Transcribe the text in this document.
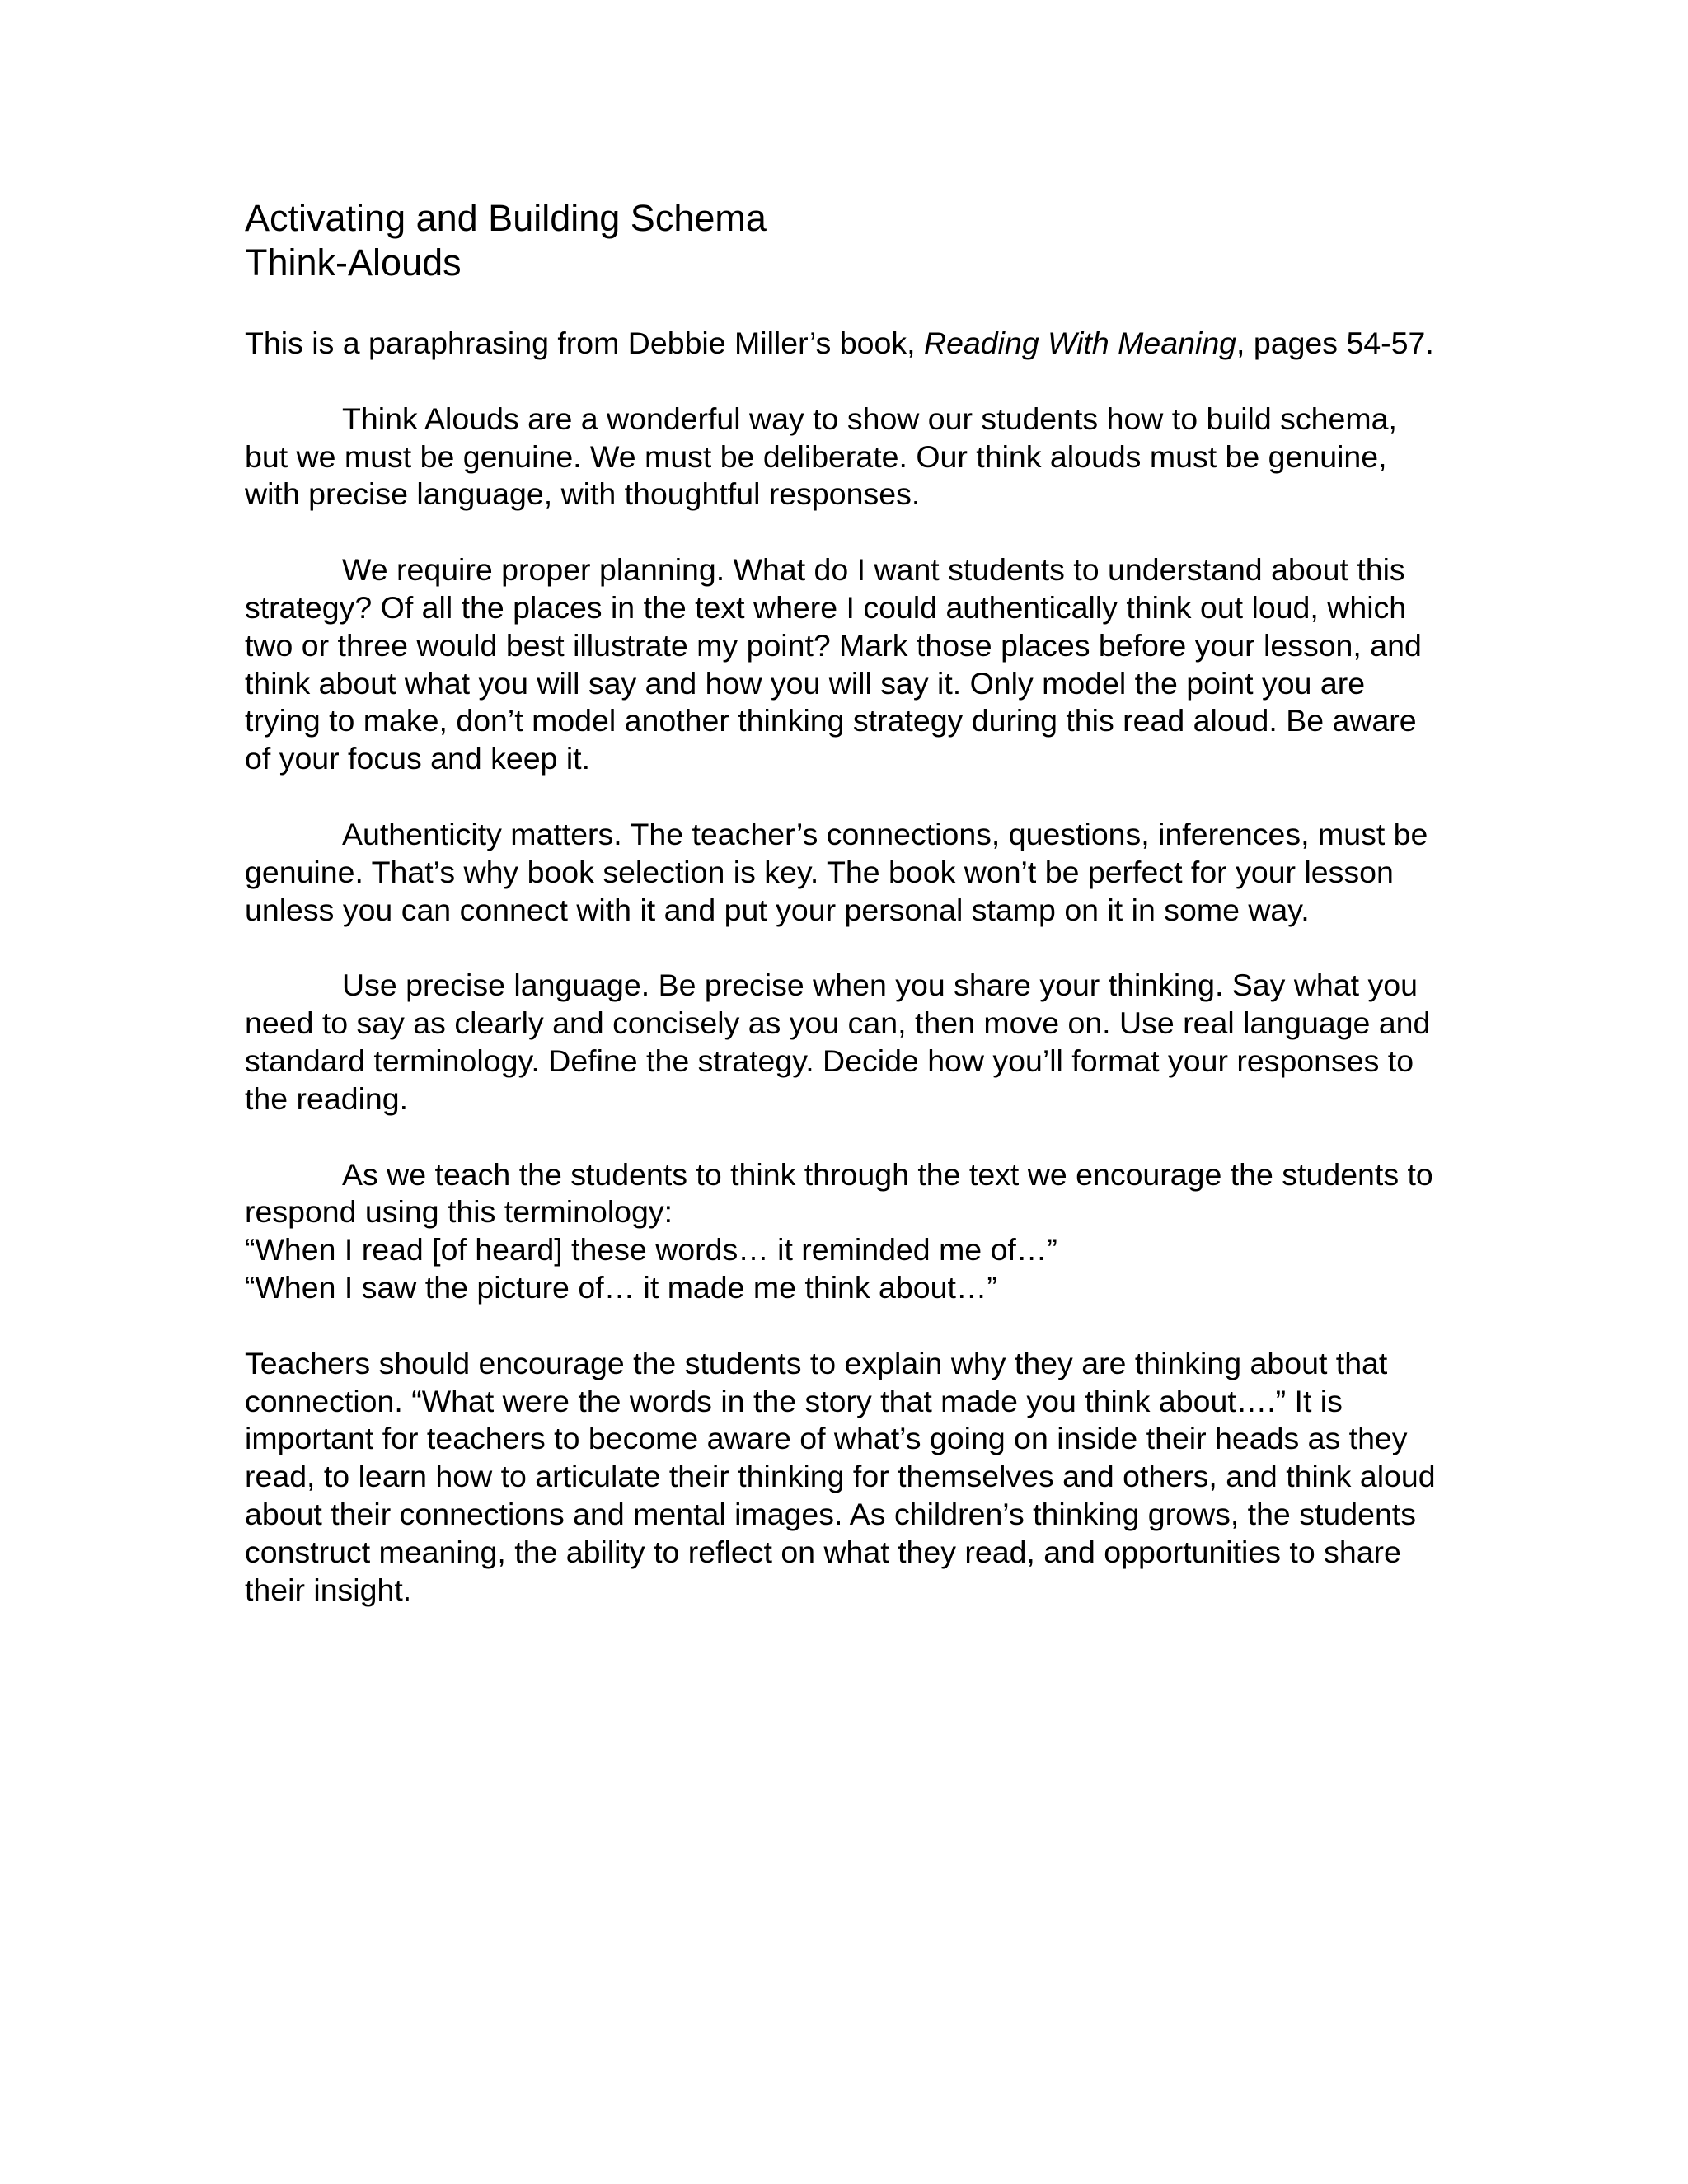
Activating and Building Schema
Think-Alouds

This is a paraphrasing from Debbie Miller’s book, Reading With Meaning, pages 54-57.

Think Alouds are a wonderful way to show our students how to build schema, but we must be genuine. We must be deliberate. Our think alouds must be genuine, with precise language, with thoughtful responses.

We require proper planning. What do I want students to understand about this strategy? Of all the places in the text where I could authentically think out loud, which two or three would best illustrate my point? Mark those places before your lesson, and think about what you will say and how you will say it. Only model the point you are trying to make, don’t model another thinking strategy during this read aloud. Be aware of your focus and keep it.

Authenticity matters. The teacher’s connections, questions, inferences, must be genuine. That’s why book selection is key. The book won’t be perfect for your lesson unless you can connect with it and put your personal stamp on it in some way.

Use precise language. Be precise when you share your thinking. Say what you need to say as clearly and concisely as you can, then move on. Use real language and standard terminology. Define the strategy. Decide how you’ll format your responses to the reading.

As we teach the students to think through the text we encourage the students to respond using this terminology:
“When I read [of heard] these words… it reminded me of…”
“When I saw the picture of… it made me think about…”

Teachers should encourage the students to explain why they are thinking about that connection. “What were the words in the story that made you think about….” It is important for teachers to become aware of what’s going on inside their heads as they read, to learn how to articulate their thinking for themselves and others, and think aloud about their connections and mental images. As children’s thinking grows, the students construct meaning, the ability to reflect on what they read, and opportunities to share their insight.
